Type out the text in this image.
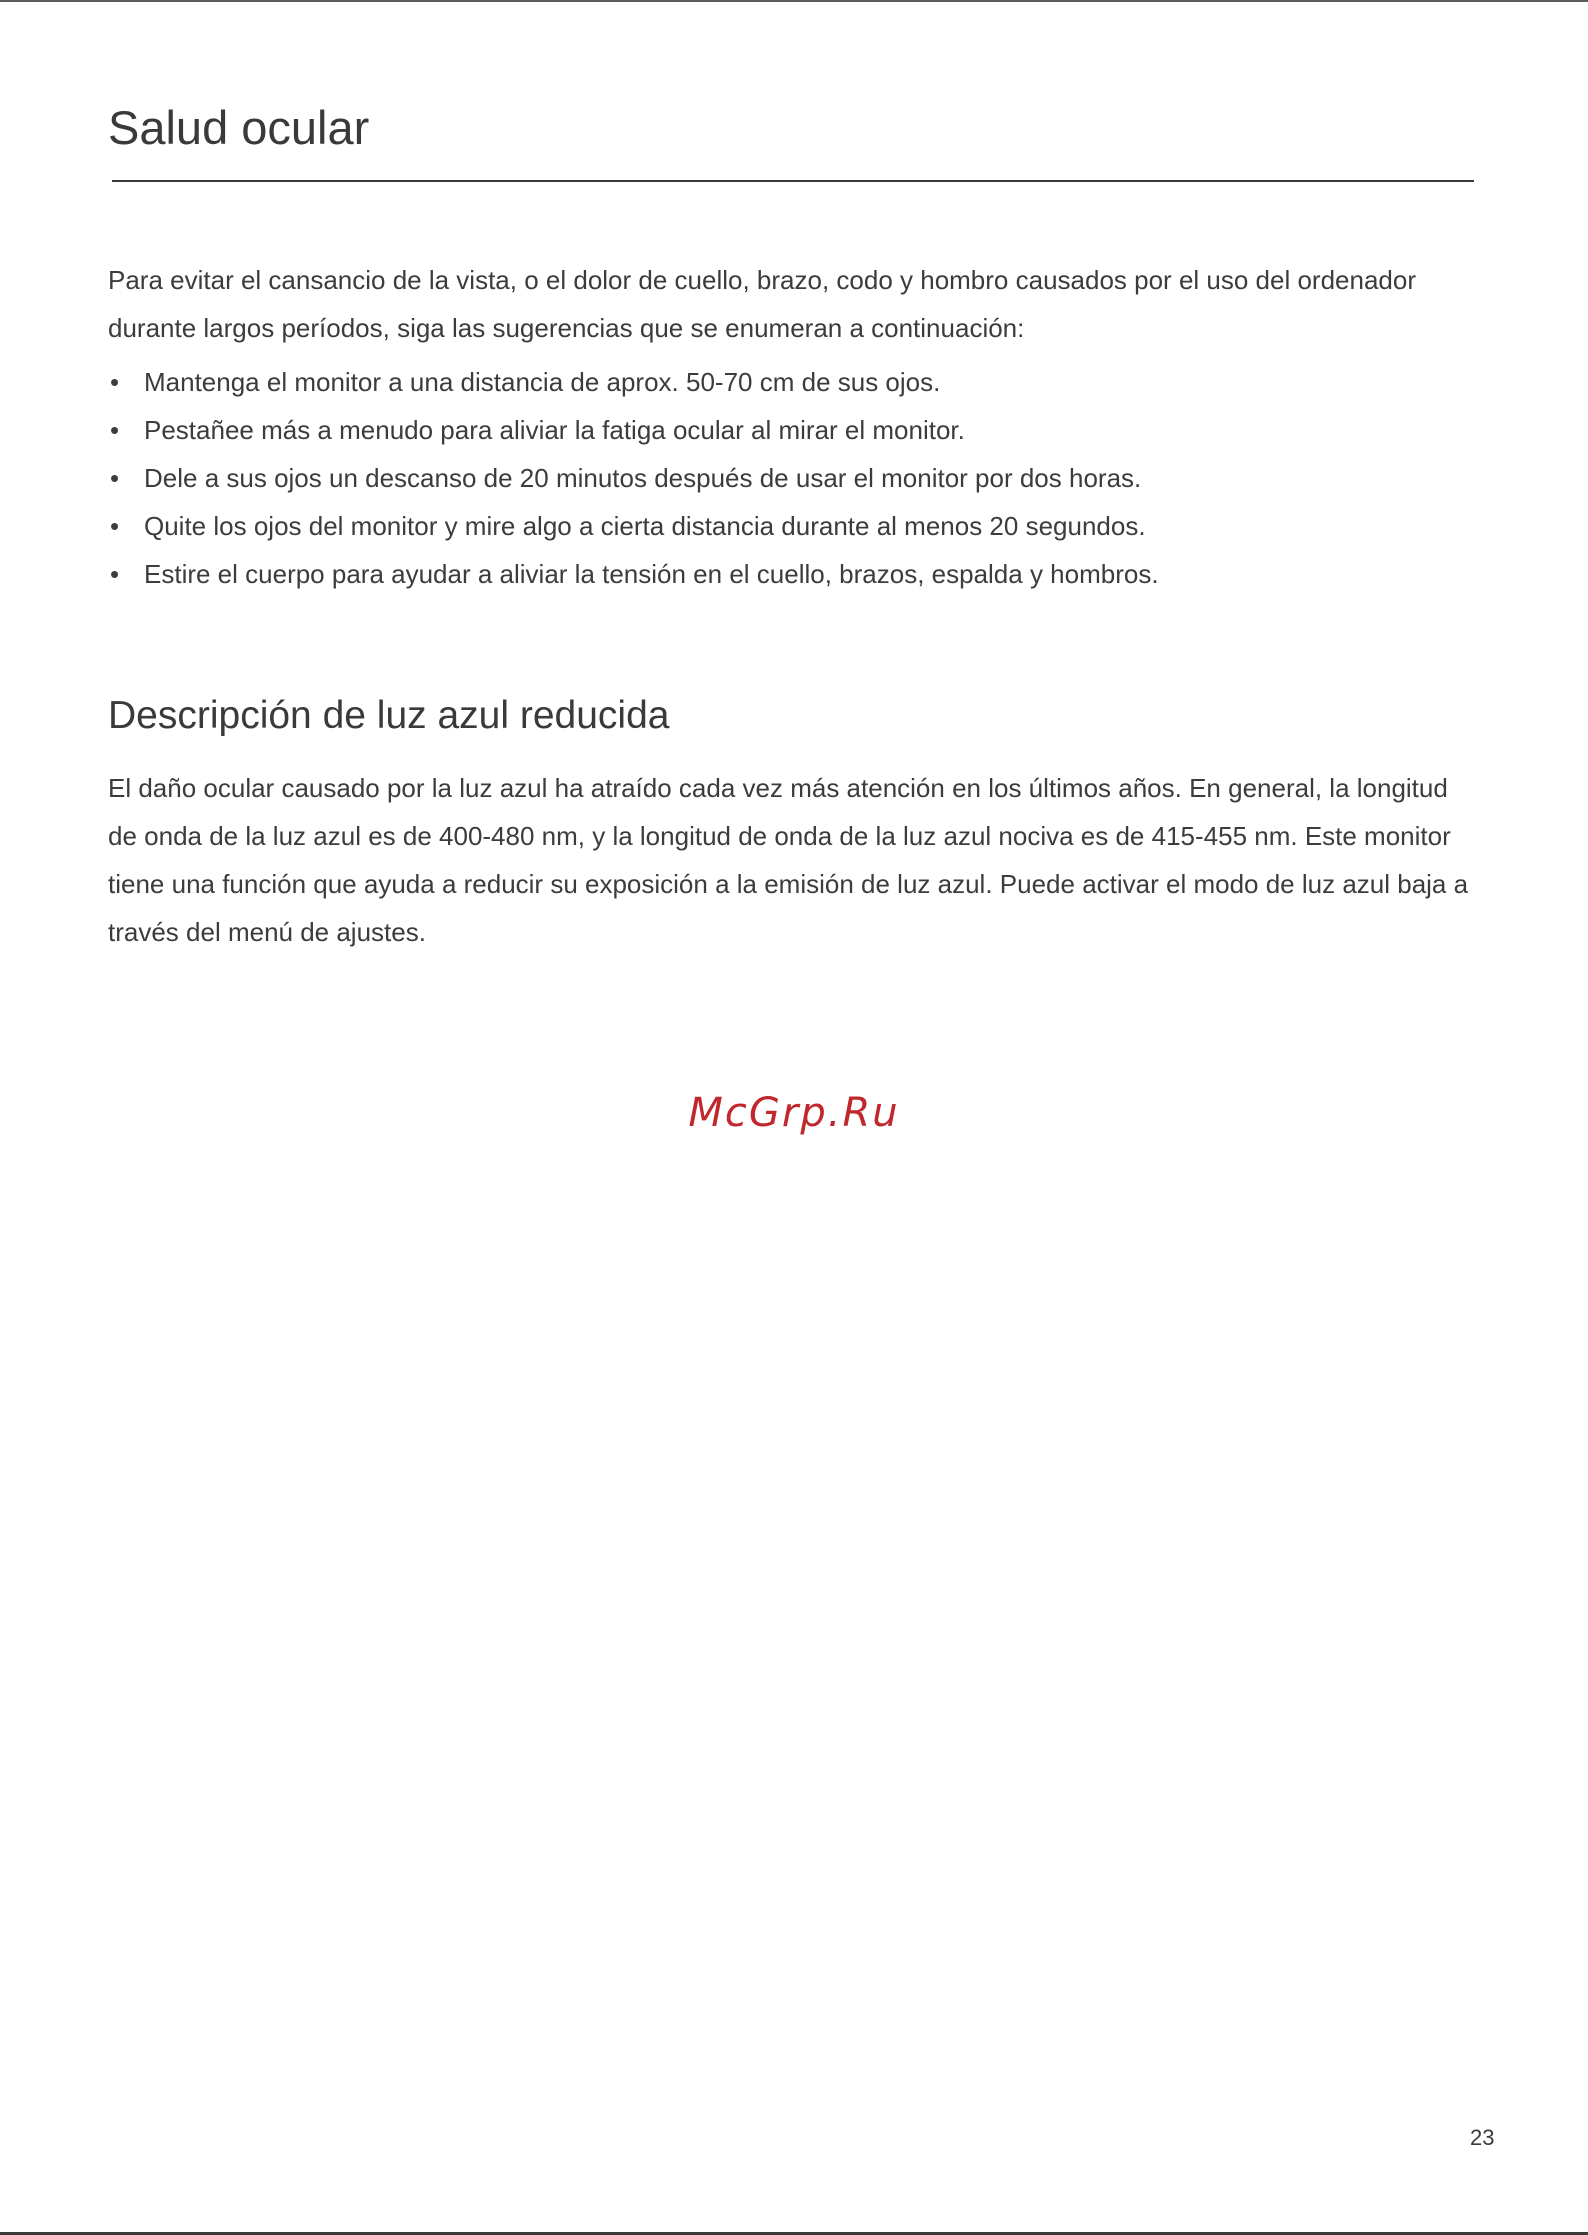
Salud ocular

Para evitar el cansancio de la vista, o el dolor de cuello, brazo, codo y hombro causados por el uso del ordenador durante largos períodos, siga las sugerencias que se enumeran a continuación:

• Mantenga el monitor a una distancia de aprox. 50-70 cm de sus ojos.
• Pestañee más a menudo para aliviar la fatiga ocular al mirar el monitor.
• Dele a sus ojos un descanso de 20 minutos después de usar el monitor por dos horas.
• Quite los ojos del monitor y mire algo a cierta distancia durante al menos 20 segundos.
• Estire el cuerpo para ayudar a aliviar la tensión en el cuello, brazos, espalda y hombros.
Descripción de luz azul reducida

El daño ocular causado por la luz azul ha atraído cada vez más atención en los últimos años. En general, la longitud de onda de la luz azul es de 400-480 nm, y la longitud de onda de la luz azul nociva es de 415-455 nm. Este monitor tiene una función que ayuda a reducir su exposición a la emisión de luz azul. Puede activar el modo de luz azul baja a través del menú de ajustes.

McGrp.Ru
23
